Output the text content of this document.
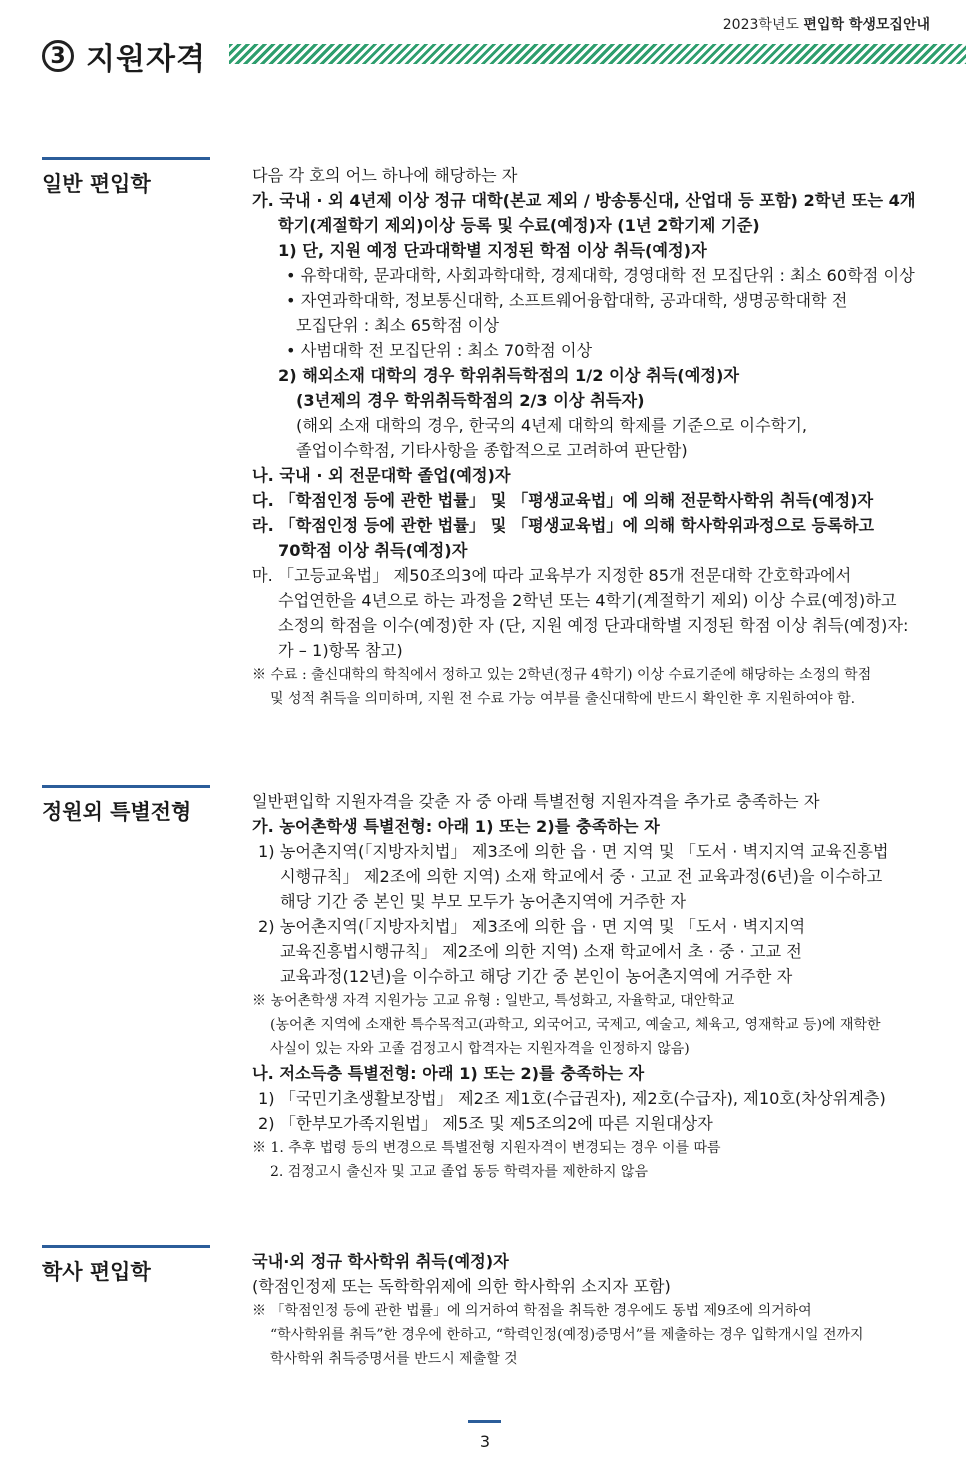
2023학년도 편입학 학생모집안내
3 지원자격
일반 편입학	다음 각 호의 어느 하나에 해당하는 자

가. 국내 · 외 4년제 이상 정규 대학(본교 제외 / 방송통신대, 산업대 등 포함) 2학년 또는 4개

학기(계절학기 제외)이상 등록 및 수료(예정)자 (1년 2학기제 기준)

1) 단, 지원 예정 단과대학별 지정된 학점 이상 취득(예정)자

• 유학대학, 문과대학, 사회과학대학, 경제대학, 경영대학 전 모집단위 : 최소 60학점 이상

• 자연과학대학, 정보통신대학, 소프트웨어융합대학, 공과대학, 생명공학대학 전

모집단위 : 최소 65학점 이상

• 사범대학 전 모집단위 : 최소 70학점 이상

2) 해외소재 대학의 경우 학위취득학점의 1/2 이상 취득(예정)자

(3년제의 경우 학위취득학점의 2/3 이상 취득자)

(해외 소재 대학의 경우, 한국의 4년제 대학의 학제를 기준으로 이수학기,

졸업이수학점, 기타사항을 종합적으로 고려하여 판단함)

나. 국내 · 외 전문대학 졸업(예정)자

다. 「학점인정 등에 관한 법률」 및 「평생교육법」에 의해 전문학사학위 취득(예정)자

라. 「학점인정 등에 관한 법률」 및 「평생교육법」에 의해 학사학위과정으로 등록하고

70학점 이상 취득(예정)자

마. 「고등교육법」 제50조의3에 따라 교육부가 지정한 85개 전문대학 간호학과에서

수업연한을 4년으로 하는 과정을 2학년 또는 4학기(계절학기 제외) 이상 수료(예정)하고

소정의 학점을 이수(예정)한 자 (단, 지원 예정 단과대학별 지정된 학점 이상 취득(예정)자:

가 – 1)항목 참고)

※ 수료 : 출신대학의 학칙에서 정하고 있는 2학년(정규 4학기) 이상 수료기준에 해당하는 소정의 학점

및 성적 취득을 의미하며, 지원 전 수료 가능 여부를 출신대학에 반드시 확인한 후 지원하여야 함.

정원외 특별전형	일반편입학 지원자격을 갖춘 자 중 아래 특별전형 지원자격을 추가로 충족하는 자

가. 농어촌학생 특별전형: 아래 1) 또는 2)를 충족하는 자

1) 농어촌지역(「지방자치법」 제3조에 의한 읍 · 면 지역 및 「도서 · 벽지지역 교육진흥법

시행규칙」 제2조에 의한 지역) 소재 학교에서 중 · 고교 전 교육과정(6년)을 이수하고

해당 기간 중 본인 및 부모 모두가 농어촌지역에 거주한 자

2) 농어촌지역(「지방자치법」 제3조에 의한 읍 · 면 지역 및 「도서 · 벽지지역

교육진흥법시행규칙」 제2조에 의한 지역) 소재 학교에서 초 · 중 · 고교 전

교육과정(12년)을 이수하고 해당 기간 중 본인이 농어촌지역에 거주한 자

※ 농어촌학생 자격 지원가능 고교 유형 : 일반고, 특성화고, 자율학교, 대안학교

(농어촌 지역에 소재한 특수목적고(과학고, 외국어고, 국제고, 예술고, 체육고, 영재학교 등)에 재학한

사실이 있는 자와 고졸 검정고시 합격자는 지원자격을 인정하지 않음)

나. 저소득층 특별전형: 아래 1) 또는 2)를 충족하는 자

1) 「국민기초생활보장법」 제2조 제1호(수급권자), 제2호(수급자), 제10호(차상위계층)

2) 「한부모가족지원법」 제5조 및 제5조의2에 따른 지원대상자

※ 1. 추후 법령 등의 변경으로 특별전형 지원자격이 변경되는 경우 이를 따름

2. 검정고시 출신자 및 고교 졸업 동등 학력자를 제한하지 않음

학사 편입학	국내·외 정규 학사학위 취득(예정)자

(학점인정제 또는 독학학위제에 의한 학사학위 소지자 포함)

※ 「학점인정 등에 관한 법률」에 의거하여 학점을 취득한 경우에도 동법 제9조에 의거하여

“학사학위를 취득”한 경우에 한하고, “학력인정(예정)증명서”를 제출하는 경우 입학개시일 전까지

학사학위 취득증명서를 반드시 제출할 것

3
